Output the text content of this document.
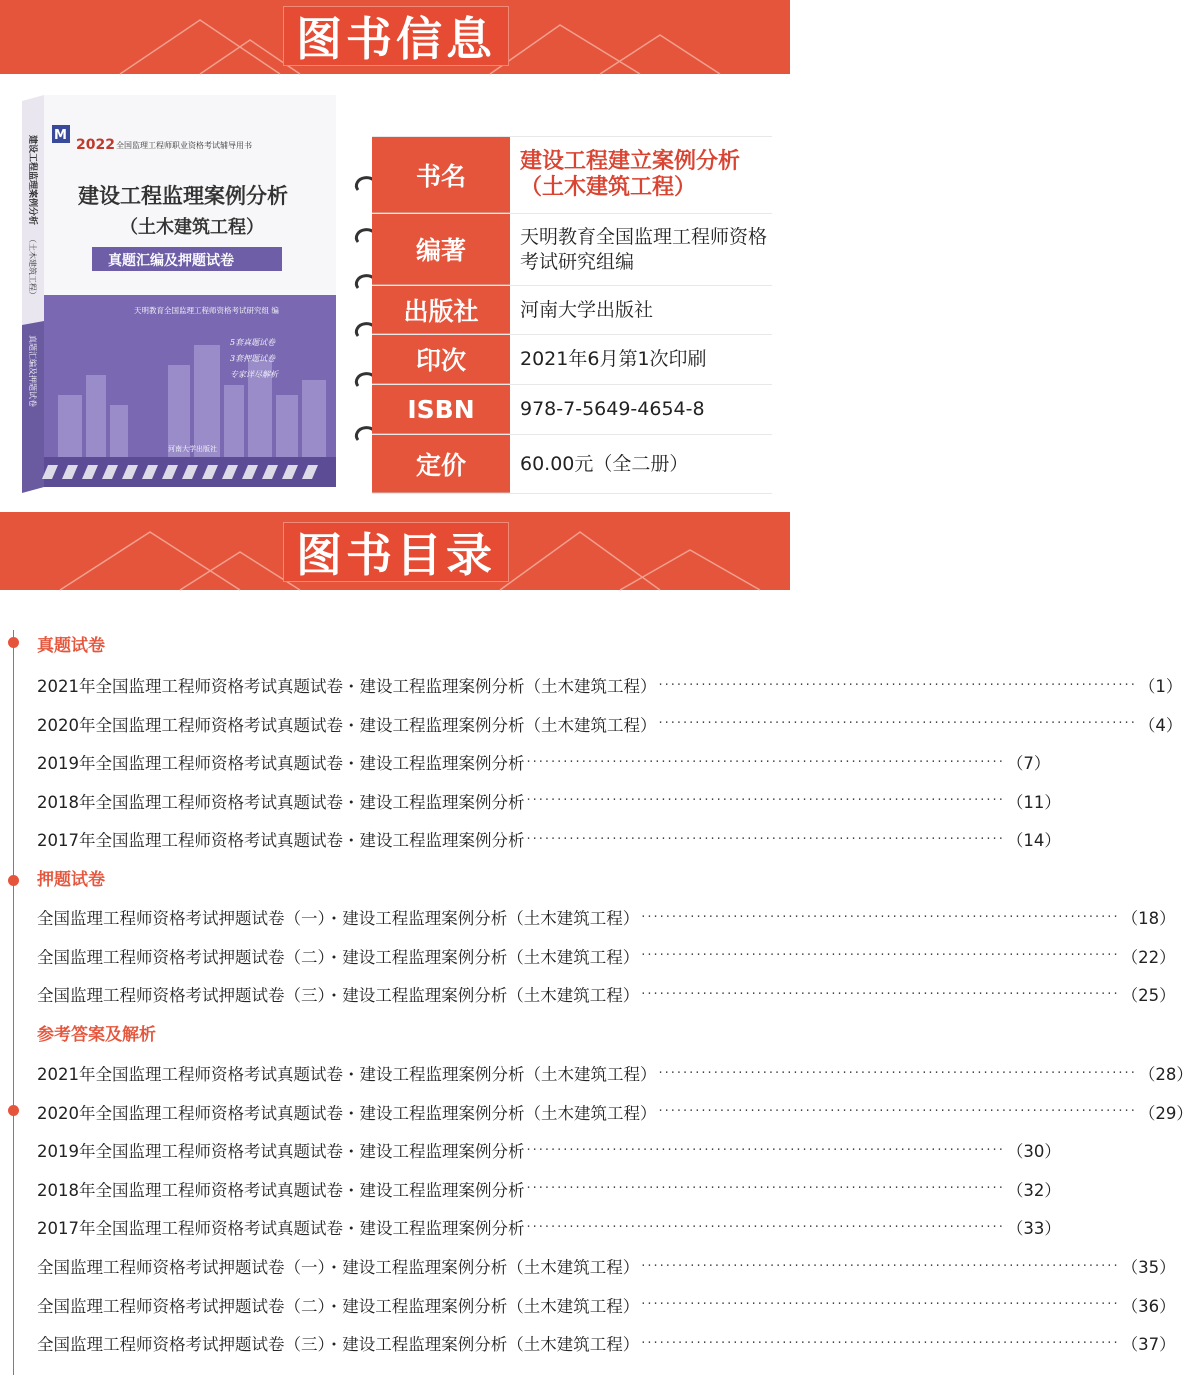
图书信息
M
2022 全国监理工程师职业资格考试辅导用书
建设工程监理案例分析
（土木建筑工程）
真题汇编及押题试卷
天明教育全国监理工程师资格考试研究组 编
5套真题试卷
3套押题试卷
专家详尽解析
河南大学出版社
建设工程监理案例分析
（土木建筑工程）
真题汇编及押题试卷
书名	建设工程建立案例分析（土木建筑工程）
编著	天明教育全国监理工程师资格考试研究组编
出版社	河南大学出版社
印次	2021年6月第1次印刷
ISBN	978-7-5649-4654-8
定价	60.00元（全二册）
图书目录
真题试卷
2021年全国监理工程师资格考试真题试卷・建设工程监理案例分析（土木建筑工程） ·············································································· （1）
2020年全国监理工程师资格考试真题试卷・建设工程监理案例分析（土木建筑工程） ·············································································· （4）
2019年全国监理工程师资格考试真题试卷・建设工程监理案例分析 ·············································································· （7）
2018年全国监理工程师资格考试真题试卷・建设工程监理案例分析 ·············································································· （11）
2017年全国监理工程师资格考试真题试卷・建设工程监理案例分析 ·············································································· （14）
押题试卷
全国监理工程师资格考试押题试卷（一）・建设工程监理案例分析（土木建筑工程） ·············································································· （18）
全国监理工程师资格考试押题试卷（二）・建设工程监理案例分析（土木建筑工程） ·············································································· （22）
全国监理工程师资格考试押题试卷（三）・建设工程监理案例分析（土木建筑工程） ·············································································· （25）
参考答案及解析
2021年全国监理工程师资格考试真题试卷・建设工程监理案例分析（土木建筑工程） ·············································································· （28）
2020年全国监理工程师资格考试真题试卷・建设工程监理案例分析（土木建筑工程） ·············································································· （29）
2019年全国监理工程师资格考试真题试卷・建设工程监理案例分析 ·············································································· （30）
2018年全国监理工程师资格考试真题试卷・建设工程监理案例分析 ·············································································· （32）
2017年全国监理工程师资格考试真题试卷・建设工程监理案例分析 ·············································································· （33）
全国监理工程师资格考试押题试卷（一）・建设工程监理案例分析（土木建筑工程） ·············································································· （35）
全国监理工程师资格考试押题试卷（二）・建设工程监理案例分析（土木建筑工程） ·············································································· （36）
全国监理工程师资格考试押题试卷（三）・建设工程监理案例分析（土木建筑工程） ·············································································· （37）
